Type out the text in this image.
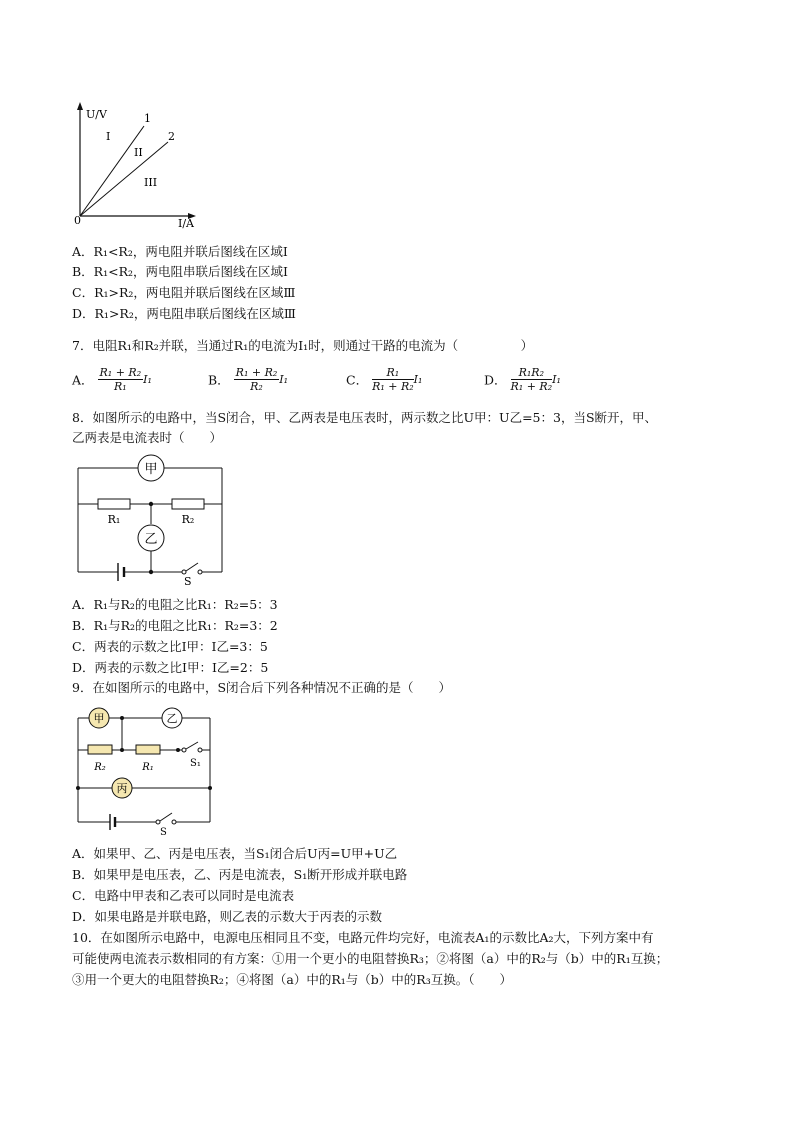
U/V
I/A
0
1
2
I
II
III
A．R₁<R₂，两电阻并联后图线在区域Ⅰ
B．R₁<R₂，两电阻串联后图线在区域Ⅰ
C．R₁>R₂，两电阻并联后图线在区域Ⅲ
D．R₁>R₂，两电阻串联后图线在区域Ⅲ
7．电阻R₁和R₂并联，当通过R₁的电流为I₁时，则通过干路的电流为（　　　　　）
A． $\frac{\text{R₁ + R₂}}{\text{R₁}} I_1$	B． $\frac{\text{R₁ + R₂}}{\text{R₂}} I_1$	C． $\frac{\text{R₁}}{\text{R₁ + R₂}} I_1$	D． $\frac{\text{R₁R₂}}{\text{R₁ + R₂}} I_1$
8．如图所示的电路中，当S闭合，甲、乙两表是电压表时，两示数之比U甲：U乙=5：3，当S断开，甲、
乙两表是电流表时（　　）
甲
R₁	R₂
乙
S
A．R₁与R₂的电阻之比R₁：R₂=5：3
B．R₁与R₂的电阻之比R₁：R₂=3：2
C．两表的示数之比I甲：I乙=3：5
D．两表的示数之比I甲：I乙=2：5
9．在如图所示的电路中，S闭合后下列各种情况不正确的是（　　）
甲	乙
R₂	R₁	S₁
丙
S
A．如果甲、乙、丙是电压表，当S₁闭合后U丙=U甲+U乙
B．如果甲是电压表，乙、丙是电流表，S₁断开形成并联电路
C．电路中甲表和乙表可以同时是电流表
D．如果电路是并联电路，则乙表的示数大于丙表的示数
10．在如图所示电路中，电源电压相同且不变，电路元件均完好，电流表A₁的示数比A₂大，下列方案中有
可能使两电流表示数相同的有方案：①用一个更小的电阻替换R₃；②将图（a）中的R₂与（b）中的R₁互换；
③用一个更大的电阻替换R₂；④将图（a）中的R₁与（b）中的R₃互换。（　　）
